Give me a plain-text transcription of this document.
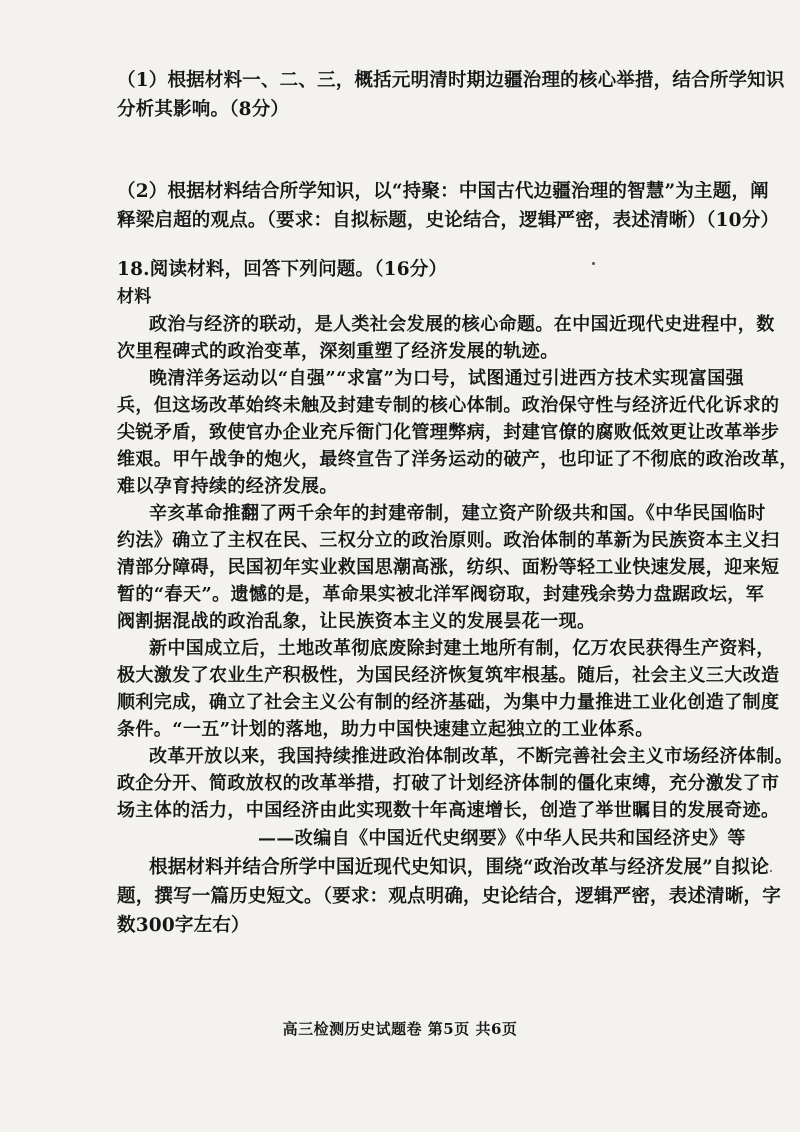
（1）根据材料一、二、三，概括元明清时期边疆治理的核心举措，结合所学知识
分析其影响。（8分）
（2）根据材料结合所学知识，以“持聚：中国古代边疆治理的智慧”为主题，阐
释梁启超的观点。（要求：自拟标题，史论结合，逻辑严密，表述清晰）（10分）
18.阅读材料，回答下列问题。（16分）
材料
政治与经济的联动，是人类社会发展的核心命题。在中国近现代史进程中，数
次里程碑式的政治变革，深刻重塑了经济发展的轨迹。
晚清洋务运动以“自强”“求富”为口号，试图通过引进西方技术实现富国强
兵，但这场改革始终未触及封建专制的核心体制。政治保守性与经济近代化诉求的
尖锐矛盾，致使官办企业充斥衙门化管理弊病，封建官僚的腐败低效更让改革举步
维艰。甲午战争的炮火，最终宣告了洋务运动的破产，也印证了不彻底的政治改革，
难以孕育持续的经济发展。
辛亥革命推翻了两千余年的封建帝制，建立资产阶级共和国。《中华民国临时
约法》确立了主权在民、三权分立的政治原则。政治体制的革新为民族资本主义扫
清部分障碍，民国初年实业救国思潮高涨，纺织、面粉等轻工业快速发展，迎来短
暂的“春天”。遗憾的是，革命果实被北洋军阀窃取，封建残余势力盘踞政坛，军
阀割据混战的政治乱象，让民族资本主义的发展昙花一现。
新中国成立后，土地改革彻底废除封建土地所有制，亿万农民获得生产资料，
极大激发了农业生产积极性，为国民经济恢复筑牢根基。随后，社会主义三大改造
顺利完成，确立了社会主义公有制的经济基础，为集中力量推进工业化创造了制度
条件。“一五”计划的落地，助力中国快速建立起独立的工业体系。
改革开放以来，我国持续推进政治体制改革，不断完善社会主义市场经济体制。
政企分开、简政放权的改革举措，打破了计划经济体制的僵化束缚，充分激发了市
场主体的活力，中国经济由此实现数十年高速增长，创造了举世瞩目的发展奇迹。
——改编自《中国近代史纲要》《中华人民共和国经济史》等
根据材料并结合所学中国近现代史知识，围绕“政治改革与经济发展”自拟论
题，撰写一篇历史短文。（要求：观点明确，史论结合，逻辑严密，表述清晰，字
数300字左右）
高三检测历史试题卷 第5页 共6页
